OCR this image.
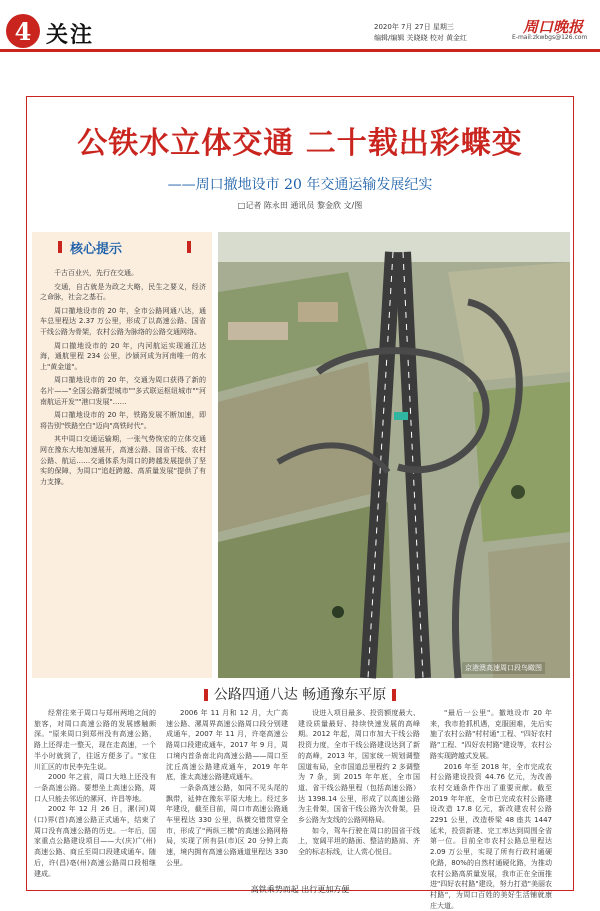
4 关注	2020年 7月 27日 星期三
编辑/编辑 关晓晓 校对 黄金红
周口晚报
E-mail:zkwbgs@126.com
公铁水立体交通 二十载出彩蝶变
——周口撤地设市 20 年交通运输发展纪实
□记者 陈永田 通讯员 黎金欣 文/图
核心提示

千古百业兴，先行在交通。

交通，自古就是为政之大略，民生之要义，经济之命脉，社会之基石。

周口撤地设市的 20 年，全市公路网通八达，通车总里程达 2.37 万公里，形成了以高速公路、国省干线公路为骨架，农村公路为脉络的公路交通网络。

周口撤地设市的 20 年，内河航运实现通江达海，通航里程 234 公里，沙颍河成为河南唯一的水上"黄金道"。

周口撤地设市的 20 年，交通为周口获得了新的名片——"全国公路新型城市""多式联运枢纽城市""河南航运开发""港口发展"……

周口撤地设市的 20 年，铁路发展不断加速，即将告别"铁路空白"迈向"高铁时代"。

其中周口交通运输期，一张气势恢宏的立体交通网在豫东大地加速展开，高速公路、国省干线、农村公路、航运……交通体系为周口的跨越发展提供了坚实的保障，为周口"追赶跨越、高质量发展"提供了有力支撑。

京港澳高速周口段鸟瞰图
公路四通八达 畅通豫东平原

经常往来于周口与郑州两地之间的旅客，对周口高速公路的发展感触颇深。"原来周口到郑州没有高速公路，路上还得走一整天，现在走高速，一个半小时就到了，往返方便多了。"家住川汇区的市民李先生说。

2000 年之前，周口大地上还没有一条高速公路。要想坐上高速公路，周口人只能去邻近的漯河、许昌等地。

2002 年 12 月 26 日，漯(河)周(口)界(首)高速公路正式通车，结束了周口没有高速公路的历史。一年后，国家重点公路建设项目——大(庆)广(州)高速公路、商丘至周口段建成通车。随后，许(昌)亳(州)高速公路周口段相继建成。

2006 年 11 月和 12 月，大广高速公路、漯周界高速公路周口段分别建成通车，2007 年 11 月，许亳高速公路周口段建成通车，2017 年 9 月，周口境内首条南北向高速公路——周口至沈丘高速公路建成通车，2019 年年底，淮太高速公路建成通车。

一条条高速公路，如同不见头尾的飘带，延伸在豫东平原大地上。经过多年建设，截至目前，周口市高速公路通车里程达 330 公里，纵横交错贯穿全市，形成了"两纵三横"的高速公路网格局，实现了所有县(市)区 20 分钟上高速，境内拥有高速公路通道里程达 330 公里。

设进入项目最多、投资额度最大、建设质量最好、持续快速发展的高峰期。2012 年起，周口市加大干线公路投资力度，全市干线公路建设达到了新的高峰，2013 年，国家统一规划调整国道布局，全市国道总里程约 2 多调整为 7 条，到 2015 年年底，全市国道、省干线公路里程（包括高速公路）达 1398.14 公里，形成了以高速公路为主骨架，国省干线公路为次骨架，县乡公路为支线的公路网格局。

如今，驾车行驶在周口的国省干线上，宽阔平坦的路面、整洁的路肩、齐全的标志标线，让人赏心悦目。

"最后一公里"。撤地设市 20 年来，我市抢抓机遇，克服困难，先后实施了农村公路"村村通"工程、"四好农村路"工程、"四好农村路"建设等，农村公路实现跨越式发展。

2016 年至 2018 年，全市完成农村公路建设投资 44.76 亿元，为改善农村交通条件作出了重要贡献。截至 2019 年年底，全市已完成农村公路建设改造 17.8 亿元，新改建农村公路 2291 公里，改造桥梁 48 座共 1447 延米，投资新建、完工率达到周围全省第一位。目前全市农村公路总里程达 2.09 万公里，实现了所有行政村通硬化路，80%的自然村通硬化路，为推动农村公路高质量发展，我市正在全面推进"四好农村路"建设，努力打造"美丽农村路"，为周口百姓的美好生活铺就康庄大道。

高铁乘势而起 出行更加方便
